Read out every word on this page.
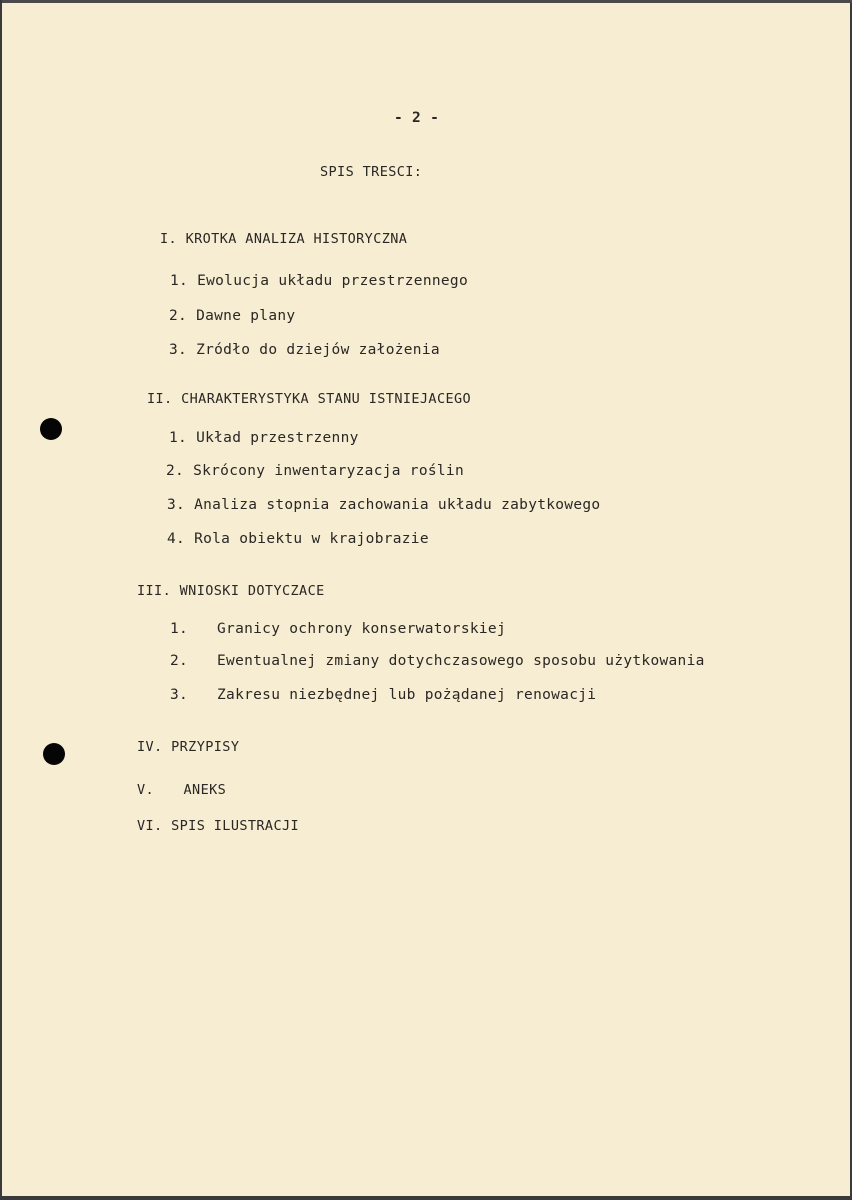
- 2 -
SPIS TRESCI:
I. KROTKA ANALIZA HISTORYCZNA
1. Ewolucja układu przestrzennego
2. Dawne plany
3. Zródło do dziejów założenia
II. CHARAKTERYSTYKA STANU ISTNIEJACEGO
1. Układ przestrzenny
2. Skrócony inwentaryzacja roślin
3. Analiza stopnia zachowania układu zabytkowego
4. Rola obiektu w krajobrazie
III. WNIOSKI DOTYCZACE
1. Granicy ochrony konserwatorskiej
2. Ewentualnej zmiany dotychczasowego sposobu użytkowania
3. Zakresu niezbędnej lub pożądanej renowacji
IV. PRZYPISY
V. ANEKS
VI. SPIS ILUSTRACJI
